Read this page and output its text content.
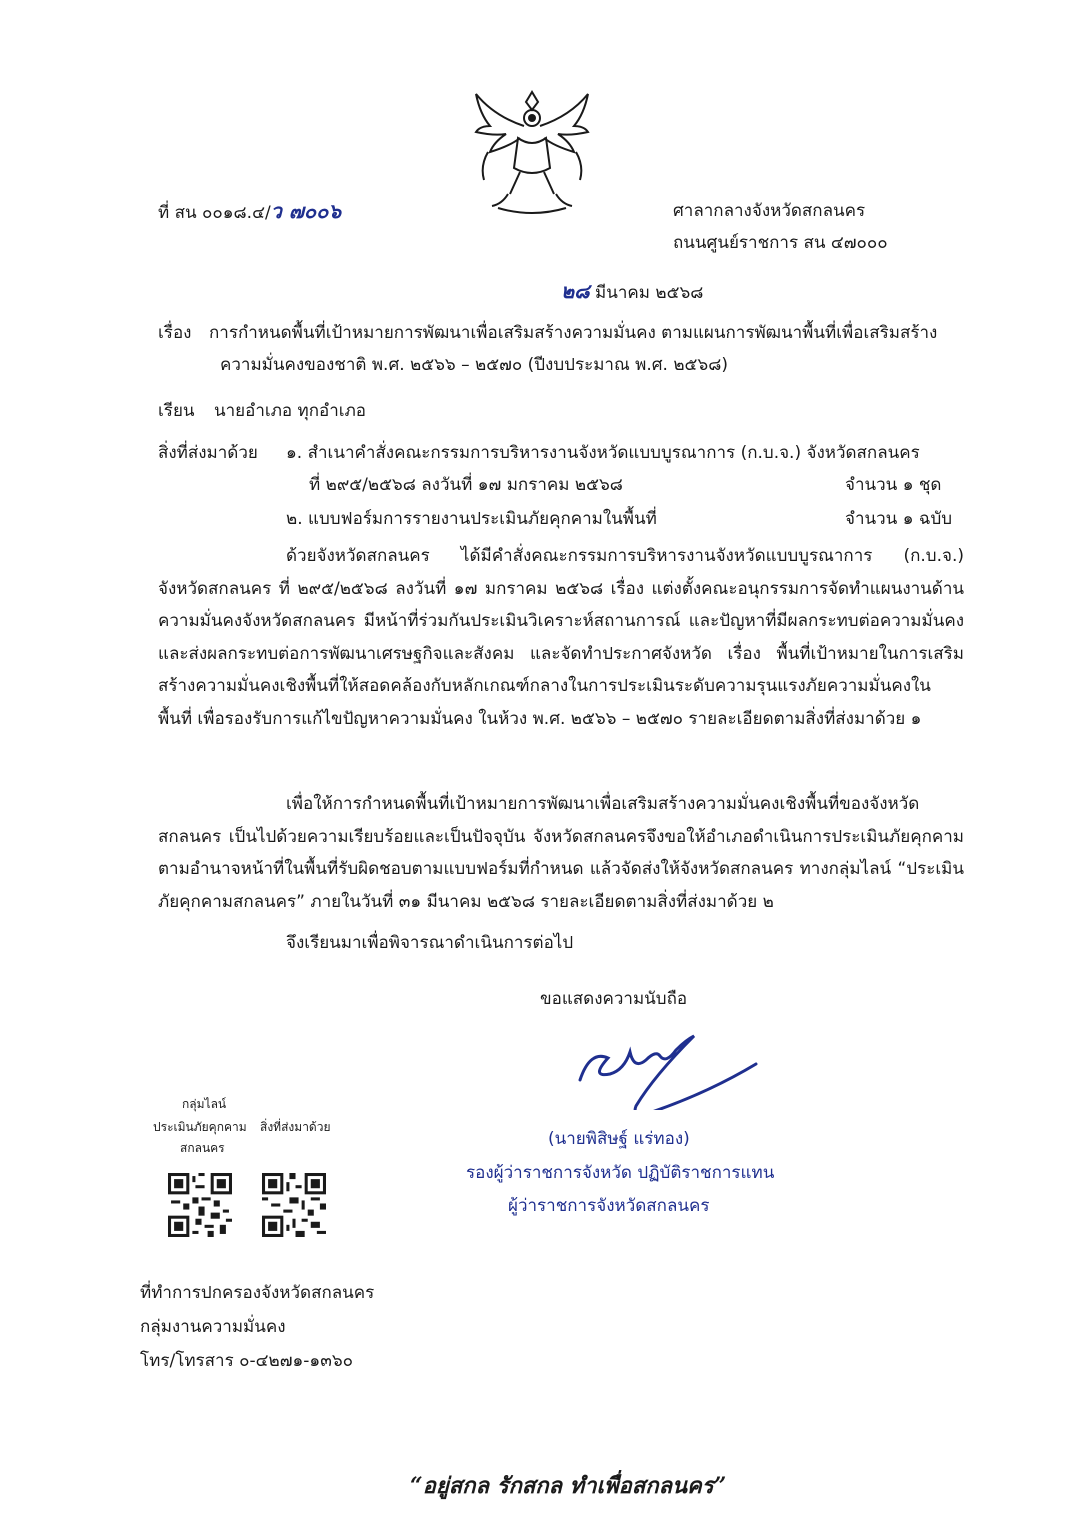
ที่ สน ๐๐๑๘.๔/ว ๗๐๐๖	ศาลากลางจังหวัดสกลนคร
ถนนศูนย์ราชการ สน ๔๗๐๐๐
๒๘ มีนาคม ๒๕๖๘
เรื่อง การกำหนดพื้นที่เป้าหมายการพัฒนาเพื่อเสริมสร้างความมั่นคง ตามแผนการพัฒนาพื้นที่เพื่อเสริมสร้าง
ความมั่นคงของชาติ พ.ศ. ๒๕๖๖ – ๒๕๗๐ (ปีงบประมาณ พ.ศ. ๒๕๖๘)
เรียน นายอำเภอ ทุกอำเภอ
สิ่งที่ส่งมาด้วย ๑. สำเนาคำสั่งคณะกรรมการบริหารงานจังหวัดแบบบูรณาการ (ก.บ.จ.) จังหวัดสกลนคร
ที่ ๒๙๕/๒๕๖๘ ลงวันที่ ๑๗ มกราคม ๒๕๖๘	จำนวน ๑ ชุด
๒. แบบฟอร์มการรายงานประเมินภัยคุกคามในพื้นที่	จำนวน ๑ ฉบับ
ด้วยจังหวัดสกลนคร ได้มีคำสั่งคณะกรรมการบริหารงานจังหวัดแบบบูรณาการ (ก.บ.จ.) จังหวัดสกลนคร ที่ ๒๙๕/๒๕๖๘ ลงวันที่ ๑๗ มกราคม ๒๕๖๘ เรื่อง แต่งตั้งคณะอนุกรรมการจัดทำแผนงานด้านความมั่นคงจังหวัดสกลนคร มีหน้าที่ร่วมกันประเมินวิเคราะห์สถานการณ์ และปัญหาที่มีผลกระทบต่อความมั่นคงและส่งผลกระทบต่อการพัฒนาเศรษฐกิจและสังคม และจัดทำประกาศจังหวัด เรื่อง พื้นที่เป้าหมายในการเสริมสร้างความมั่นคงเชิงพื้นที่ให้สอดคล้องกับหลักเกณฑ์กลางในการประเมินระดับความรุนแรงภัยความมั่นคงในพื้นที่ เพื่อรองรับการแก้ไขปัญหาความมั่นคง ในห้วง พ.ศ. ๒๕๖๖ – ๒๕๗๐ รายละเอียดตามสิ่งที่ส่งมาด้วย ๑
เพื่อให้การกำหนดพื้นที่เป้าหมายการพัฒนาเพื่อเสริมสร้างความมั่นคงเชิงพื้นที่ของจังหวัดสกลนคร เป็นไปด้วยความเรียบร้อยและเป็นปัจจุบัน จังหวัดสกลนครจึงขอให้อำเภอดำเนินการประเมินภัยคุกคามตามอำนาจหน้าที่ในพื้นที่รับผิดชอบตามแบบฟอร์มที่กำหนด แล้วจัดส่งให้จังหวัดสกลนคร ทางกลุ่มไลน์ “ประเมินภัยคุกคามสกลนคร” ภายในวันที่ ๓๑ มีนาคม ๒๕๖๘ รายละเอียดตามสิ่งที่ส่งมาด้วย ๒
จึงเรียนมาเพื่อพิจารณาดำเนินการต่อไป
ขอแสดงความนับถือ
(นายพิสิษฐ์ แร่ทอง)
รองผู้ว่าราชการจังหวัด ปฏิบัติราชการแทน
ผู้ว่าราชการจังหวัดสกลนคร
กลุ่มไลน์
ประเมินภัยคุกคาม สิ่งที่ส่งมาด้วย
สกลนคร
ที่ทำการปกครองจังหวัดสกลนคร
กลุ่มงานความมั่นคง
โทร/โทรสาร ๐-๔๒๗๑-๑๓๖๐
“อยู่สกล รักสกล ทำเพื่อสกลนคร”
